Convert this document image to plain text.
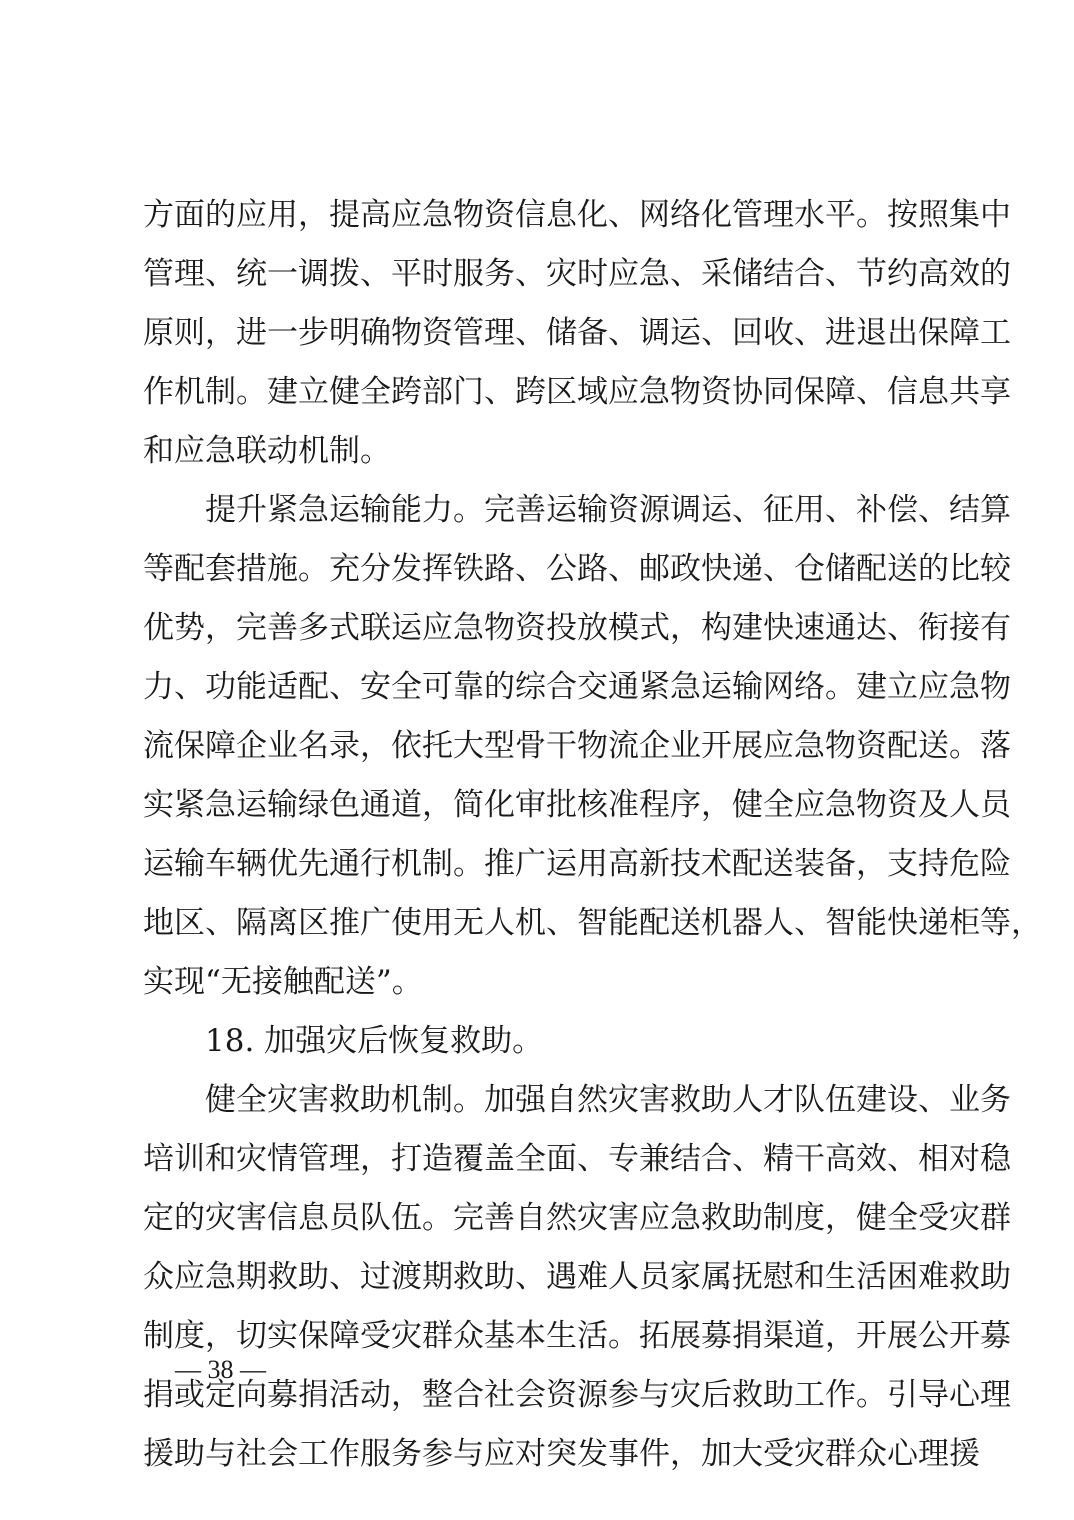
方面的应用，提高应急物资信息化、网络化管理水平。按照集中
管理、统一调拨、平时服务、灾时应急、采储结合、节约高效的
原则，进一步明确物资管理、储备、调运、回收、进退出保障工
作机制。建立健全跨部门、跨区域应急物资协同保障、信息共享
和应急联动机制。
提升紧急运输能力。完善运输资源调运、征用、补偿、结算
等配套措施。充分发挥铁路、公路、邮政快递、仓储配送的比较
优势，完善多式联运应急物资投放模式，构建快速通达、衔接有
力、功能适配、安全可靠的综合交通紧急运输网络。建立应急物
流保障企业名录，依托大型骨干物流企业开展应急物资配送。落
实紧急运输绿色通道，简化审批核准程序，健全应急物资及人员
运输车辆优先通行机制。推广运用高新技术配送装备，支持危险
地区、隔离区推广使用无人机、智能配送机器人、智能快递柜等，
实现“无接触配送”。
18. 加强灾后恢复救助。
健全灾害救助机制。加强自然灾害救助人才队伍建设、业务
培训和灾情管理，打造覆盖全面、专兼结合、精干高效、相对稳
定的灾害信息员队伍。完善自然灾害应急救助制度，健全受灾群
众应急期救助、过渡期救助、遇难人员家属抚慰和生活困难救助
制度，切实保障受灾群众基本生活。拓展募捐渠道，开展公开募
捐或定向募捐活动，整合社会资源参与灾后救助工作。引导心理
援助与社会工作服务参与应对突发事件，加大受灾群众心理援
— 38 —
